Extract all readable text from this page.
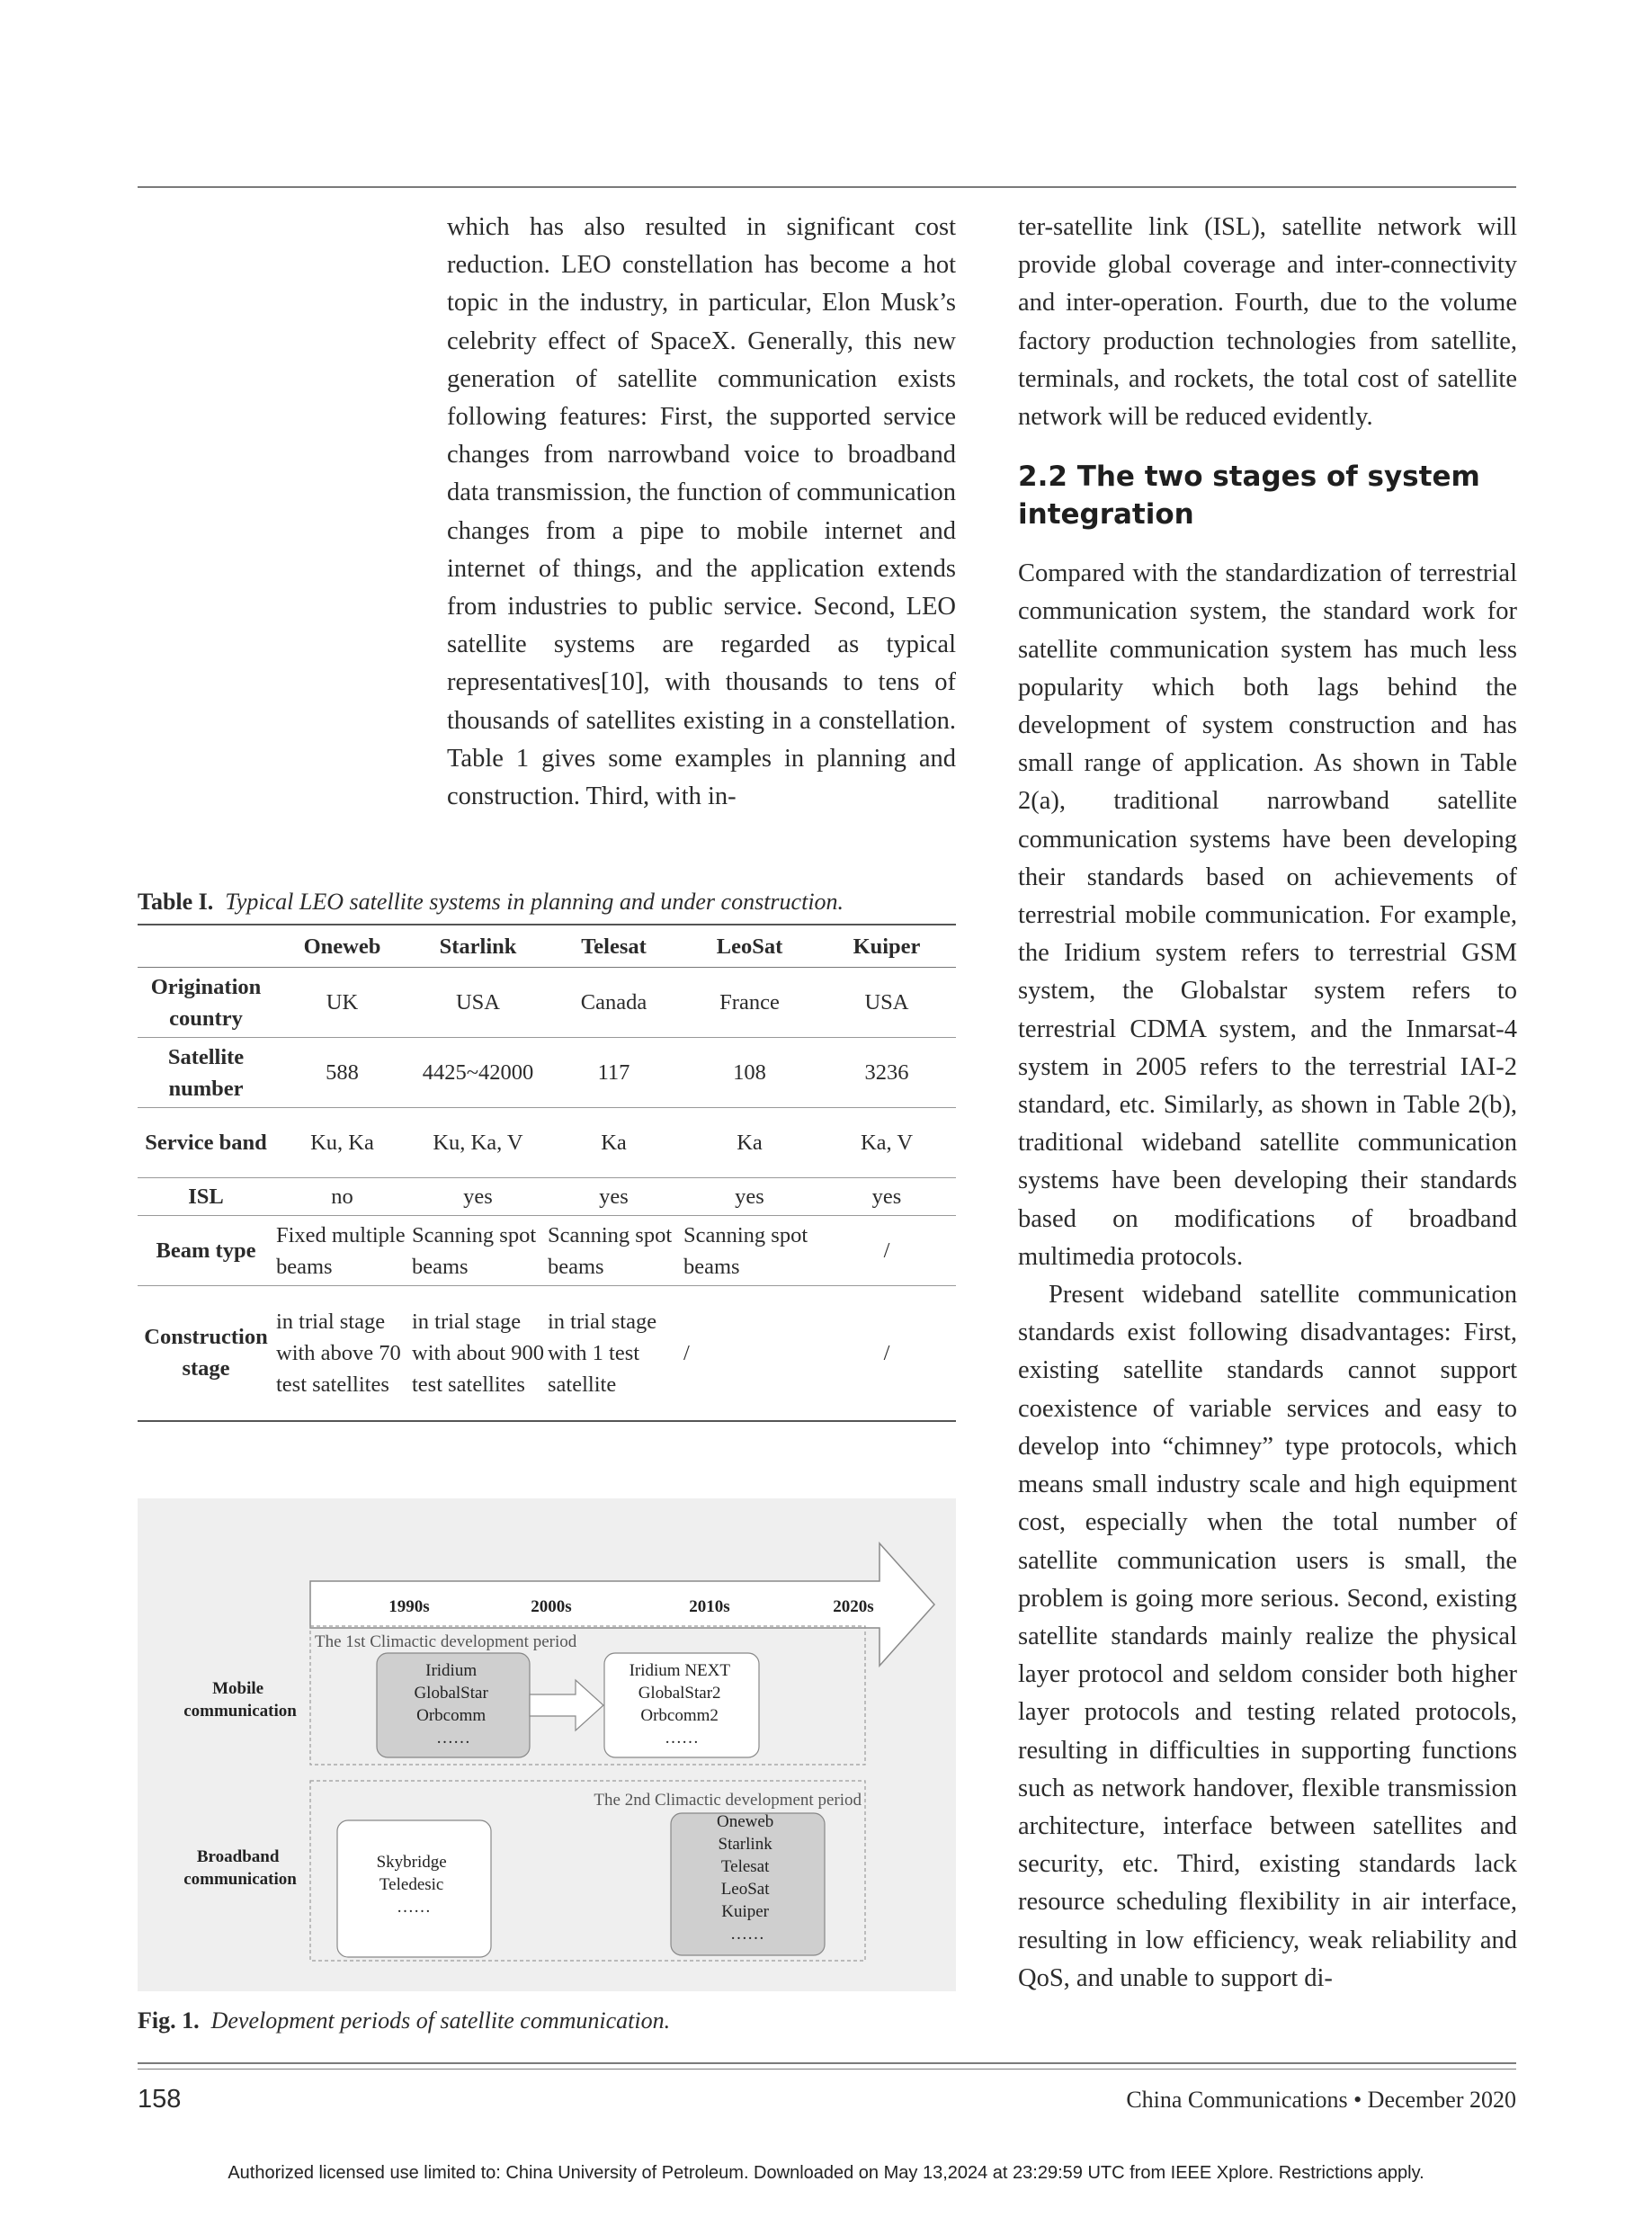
which has also resulted in significant cost reduction. LEO constellation has become a hot topic in the industry, in particular, Elon Musk’s celebrity effect of SpaceX. Generally, this new generation of satellite communication exists following features: First, the supported service changes from narrowband voice to broadband data transmission, the function of communication changes from a pipe to mobile internet and internet of things, and the application extends from industries to public service. Second, LEO satellite systems are regarded as typical representatives[10], with thousands to tens of thousands of satellites existing in a constellation. Table 1 gives some examples in planning and construction. Third, with in-

ter-satellite link (ISL), satellite network will provide global coverage and inter-connectivity and inter-operation. Fourth, due to the volume factory production technologies from satellite, terminals, and rockets, the total cost of satellite network will be reduced evidently.

2.2 The two stages of system integration

Compared with the standardization of terrestrial communication system, the standard work for satellite communication system has much less popularity which both lags behind the development of system construction and has small range of application. As shown in Table 2(a), traditional narrowband satellite communication systems have been developing their standards based on achievements of terrestrial mobile communication. For example, the Iridium system refers to terrestrial GSM system, the Globalstar system refers to terrestrial CDMA system, and the Inmarsat-4 system in 2005 refers to the terrestrial IAI-2 standard, etc. Similarly, as shown in Table 2(b), traditional wideband satellite communication systems have been developing their standards based on modifications of broadband multimedia protocols.

Present wideband satellite communication standards exist following disadvantages: First, existing satellite standards cannot support coexistence of variable services and easy to develop into “chimney” type protocols, which means small industry scale and high equipment cost, especially when the total number of satellite communication users is small, the problem is going more serious. Second, existing satellite standards mainly realize the physical layer protocol and seldom consider both higher layer protocols and testing related protocols, resulting in difficulties in supporting functions such as network handover, flexible transmission architecture, interface between satellites and security, etc. Third, existing standards lack resource scheduling flexibility in air interface, resulting in low efficiency, weak reliability and QoS, and unable to support di-

Table I. Typical LEO satellite systems in planning and under construction.
	Oneweb	Starlink	Telesat	LeoSat	Kuiper
Origination country	UK	USA	Canada	France	USA
Satellite number	588	4425~42000	117	108	3236
Service band	Ku, Ka	Ku, Ka, V	Ka	Ka	Ka, V
ISL	no	yes	yes	yes	yes
Beam type	Fixed multiple beams	Scanning spot beams	Scanning spot beams	Scanning spot beams	/
Construction stage	in trial stage with above 70 test satellites	in trial stage with about 900 test satellites	in trial stage with 1 test satellite	/	/
1990s	2000s	2010s	2020s
The 1st Climactic development period
Mobile communication
Iridium GlobalStar Orbcomm ……
Iridium NEXT GlobalStar2 Orbcomm2 ……
The 2nd Climactic development period
Broadband communication
Skybridge Teledesic ……
Oneweb Starlink Telesat LeoSat Kuiper ……
Fig. 1. Development periods of satellite communication.
158	China Communications • December 2020
Authorized licensed use limited to: China University of Petroleum. Downloaded on May 13,2024 at 23:29:59 UTC from IEEE Xplore. Restrictions apply.
